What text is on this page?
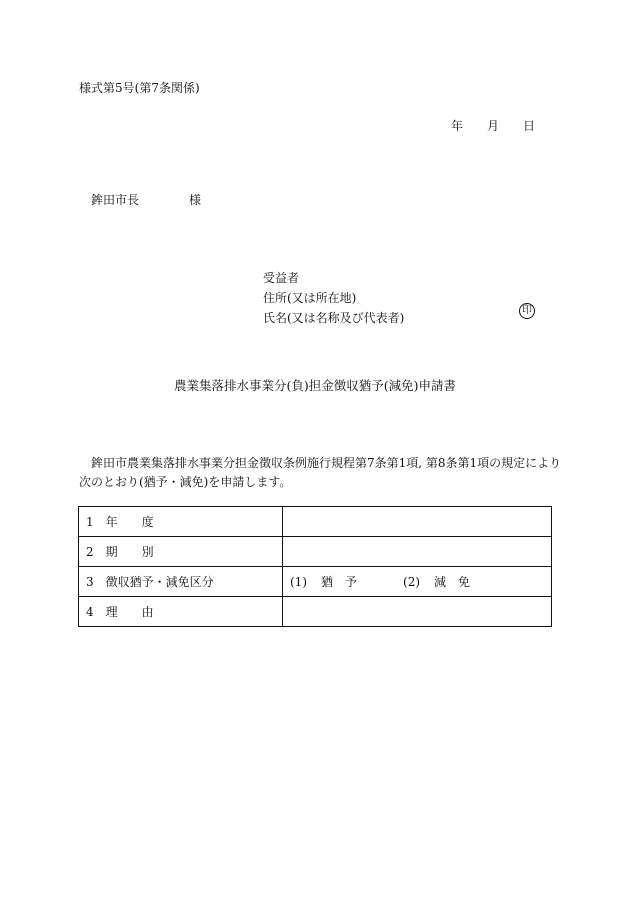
様式第5号(第7条関係)
年 月 日
鉾田市長	様
受益者
住所(又は所在地)
氏名(又は名称及び代表者)
印
農業集落排水事業分(負)担金徴収猶予(減免)申請書

鉾田市農業集落排水事業分担金徴収条例施行規程第7条第1項, 第8条第1項の規定により

次のとおり(猶予・減免)を申請します。

1 年 度	
2 期 別	
3 徴収猶予・減免区分	(1) 猶 予 (2) 減 免
4 理 由	
